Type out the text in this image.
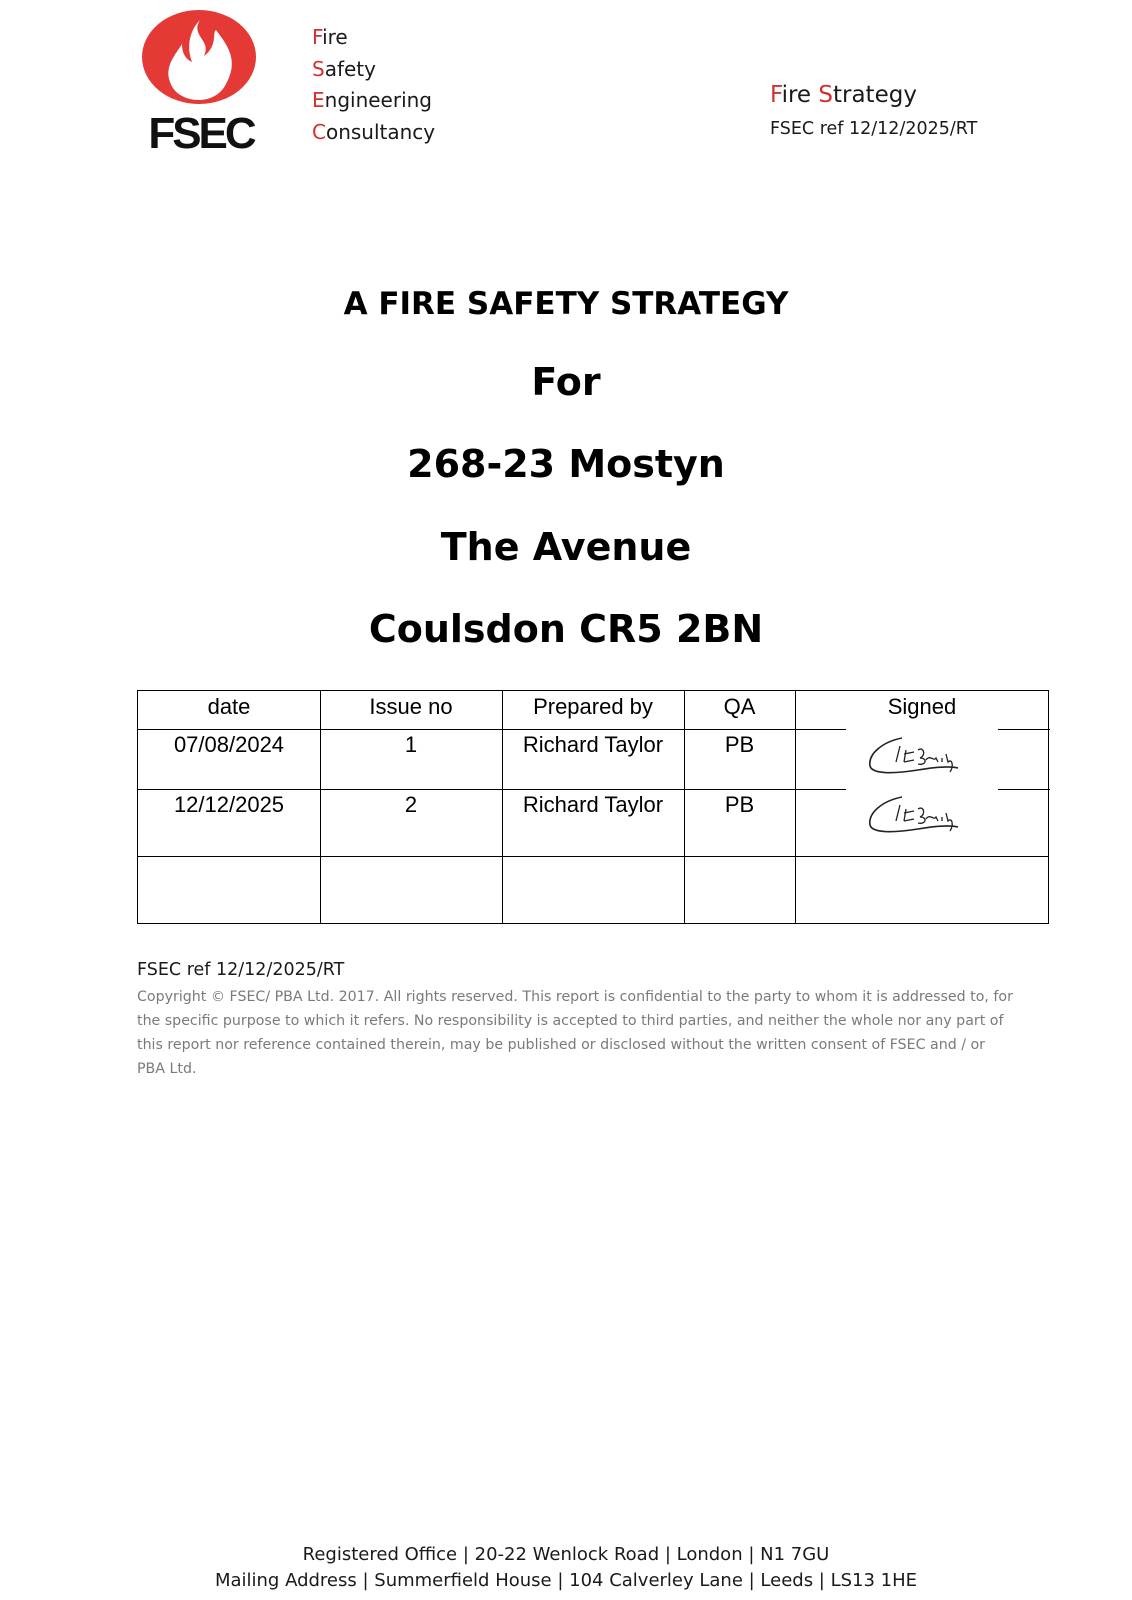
FSEC
Fire
Safety
Engineering
Consultancy
Fire Strategy
FSEC ref 12/12/2025/RT
A FIRE SAFETY STRATEGY
For
268-23 Mostyn
The Avenue
Coulsdon CR5 2BN
date	Issue no	Prepared by	QA	Signed
07/08/2024	1	Richard Taylor	PB
12/12/2025	2	Richard Taylor	PB
FSEC ref 12/12/2025/RT
Copyright © FSEC/ PBA Ltd. 2017. All rights reserved. This report is confidential to the party to whom it is addressed to, for the specific purpose to which it refers. No responsibility is accepted to third parties, and neither the whole nor any part of this report nor reference contained therein, may be published or disclosed without the written consent of FSEC and / or PBA Ltd.
Registered Office | 20-22 Wenlock Road | London | N1 7GU
Mailing Address | Summerfield House | 104 Calverley Lane | Leeds | LS13 1HE
